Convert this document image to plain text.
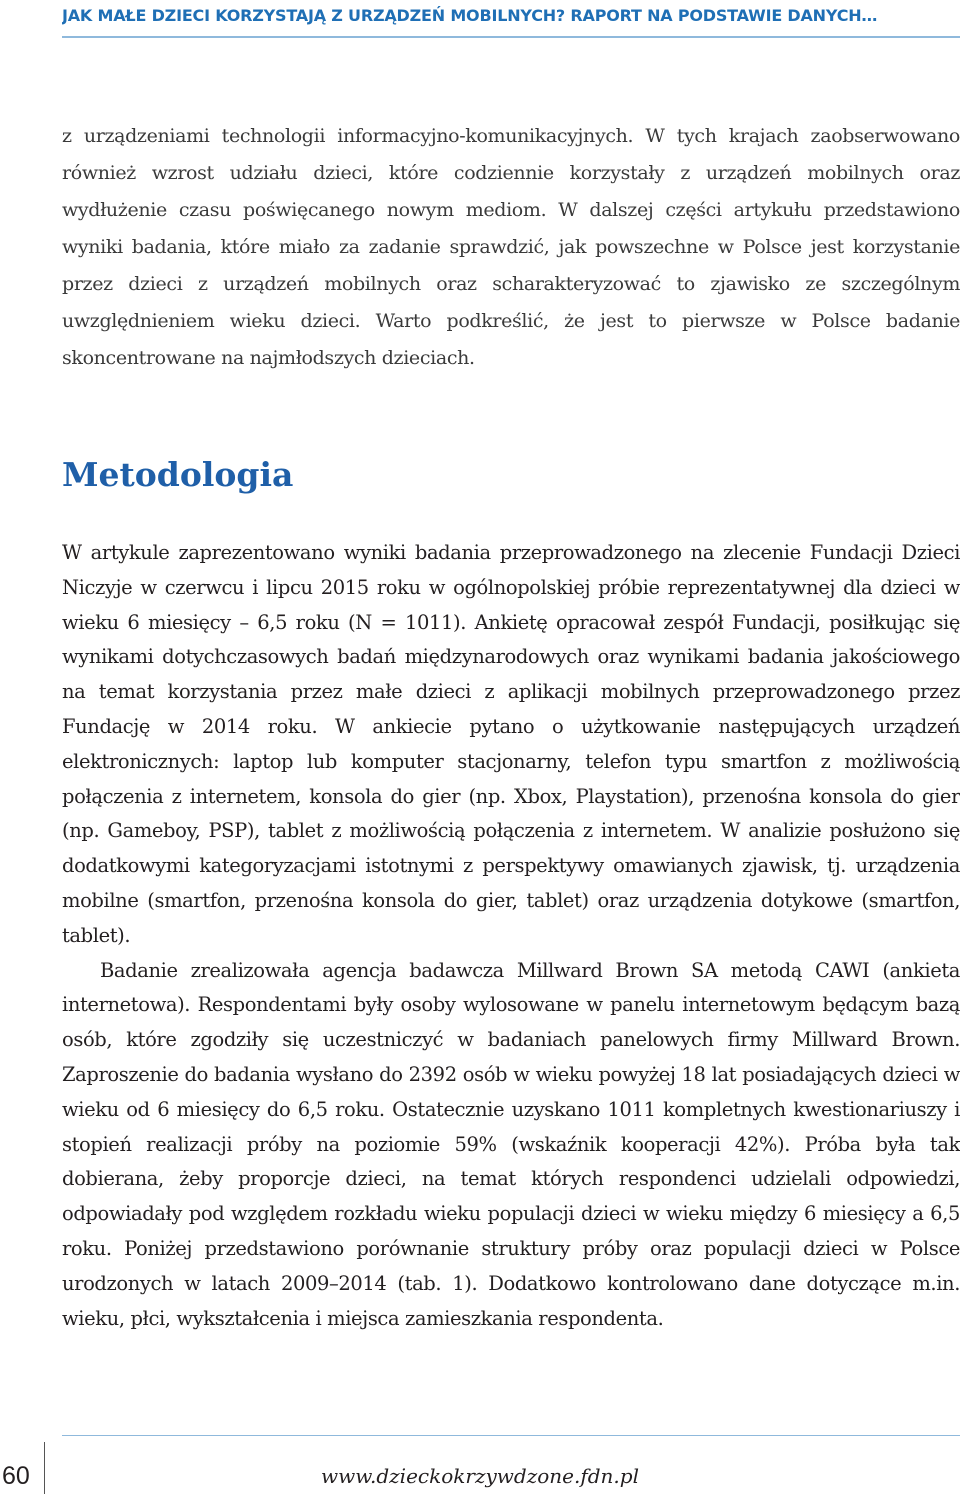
JAK MAŁE DZIECI KORZYSTAJĄ Z URZĄDZEŃ MOBILNYCH? RAPORT NA PODSTAWIE DANYCH…

z urządzeniami technologii informacyjno-komunikacyjnych. W tych krajach zaobserwowano również wzrost udziału dzieci, które codziennie korzystały z urządzeń mobilnych oraz wydłużenie czasu poświęcanego nowym mediom. W dalszej części artykułu przedstawiono wyniki badania, które miało za zadanie sprawdzić, jak powszechne w Polsce jest korzystanie przez dzieci z urządzeń mobilnych oraz scharakteryzować to zjawisko ze szczególnym uwzględnieniem wieku dzieci. Warto podkreślić, że jest to pierwsze w Polsce badanie skoncentrowane na najmłodszych dzieciach.

Metodologia

W artykule zaprezentowano wyniki badania przeprowadzonego na zlecenie Fundacji Dzieci Niczyje w czerwcu i lipcu 2015 roku w ogólnopolskiej próbie reprezentatywnej dla dzieci w wieku 6 miesięcy – 6,5 roku (N = 1011). Ankietę opracował zespół Fundacji, posiłkując się wynikami dotychczasowych badań międzynarodowych oraz wynikami badania jakościowego na temat korzystania przez małe dzieci z aplikacji mobilnych przeprowadzonego przez Fundację w 2014 roku. W ankiecie pytano o użytkowanie następujących urządzeń elektronicznych: laptop lub komputer stacjonarny, telefon typu smartfon z możliwością połączenia z internetem, konsola do gier (np. Xbox, Playstation), przenośna konsola do gier (np. Gameboy, PSP), tablet z możliwością połączenia z internetem. W analizie posłużono się dodatkowymi kategoryzacjami istotnymi z perspektywy omawianych zjawisk, tj. urządzenia mobilne (smartfon, przenośna konsola do gier, tablet) oraz urządzenia dotykowe (smartfon, tablet).

Badanie zrealizowała agencja badawcza Millward Brown SA metodą CAWI (ankieta internetowa). Respondentami były osoby wylosowane w panelu internetowym będącym bazą osób, które zgodziły się uczestniczyć w badaniach panelowych firmy Millward Brown. Zaproszenie do badania wysłano do 2392 osób w wieku powyżej 18 lat posiadających dzieci w wieku od 6 miesięcy do 6,5 roku. Ostatecznie uzyskano 1011 kompletnych kwestionariuszy i stopień realizacji próby na poziomie 59% (wskaźnik kooperacji 42%). Próba była tak dobierana, żeby proporcje dzieci, na temat których respondenci udzielali odpowiedzi, odpowiadały pod względem rozkładu wieku populacji dzieci w wieku między 6 miesięcy a 6,5 roku. Poniżej przedstawiono porównanie struktury próby oraz populacji dzieci w Polsce urodzonych w latach 2009–2014 (tab. 1). Dodatkowo kontrolowano dane dotyczące m.in. wieku, płci, wykształcenia i miejsca zamieszkania respondenta.

60	www.dzieckokrzywdzone.fdn.pl
